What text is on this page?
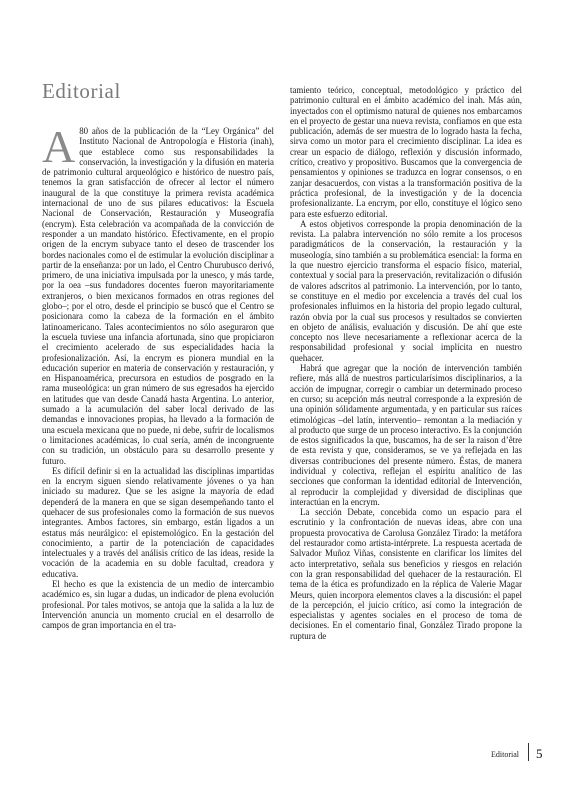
Editorial

A 80 años de la publicación de la “Ley Orgánica” del Instituto Nacional de Antropología e Historia (inah), que establece como sus responsabilidades la conservación, la investigación y la difusión en materia de patrimonio cultural arqueológico e histórico de nuestro país, tenemos la gran satisfacción de ofrecer al lector el número inaugural de la que constituye la primera revista académica internacional de uno de sus pilares educativos: la Escuela Nacional de Conservación, Restauración y Museografía (encrym). Esta celebración va acompañada de la convicción de responder a un mandato histórico. Efectivamente, en el propio origen de la encrym subyace tanto el deseo de trascender los bordes nacionales como el de estimular la evolución disciplinar a partir de la enseñanza: por un lado, el Centro Churubusco derivó, primero, de una iniciativa impulsada por la unesco, y más tarde, por la oea –sus fundadores docentes fueron mayoritariamente extranjeros, o bien mexicanos formados en otras regiones del globo–; por el otro, desde el principio se buscó que el Centro se posicionara como la cabeza de la formación en el ámbito latinoamericano. Tales acontecimientos no sólo aseguraron que la escuela tuviese una infancia afortunada, sino que propiciaron el crecimiento acelerado de sus especialidades hacia la profesionalización. Así, la encrym es pionera mundial en la educación superior en materia de conservación y restauración, y en Hispanoamérica, precursora en estudios de posgrado en la rama museológica: un gran número de sus egresados ha ejercido en latitudes que van desde Canadá hasta Argentina. Lo anterior, sumado a la acumulación del saber local derivado de las demandas e innovaciones propias, ha llevado a la formación de una escuela mexicana que no puede, ni debe, sufrir de localismos o limitaciones académicas, lo cual sería, amén de incongruente con su tradición, un obstáculo para su desarrollo presente y futuro.

Es difícil definir si en la actualidad las disciplinas impartidas en la encrym siguen siendo relativamente jóvenes o ya han iniciado su madurez. Que se les asigne la mayoría de edad dependerá de la manera en que se sigan desempeñando tanto el quehacer de sus profesionales como la formación de sus nuevos integrantes. Ambos factores, sin embargo, están ligados a un estatus más neurálgico: el epistemológico. En la gestación del conocimiento, a partir de la potenciación de capacidades intelectuales y a través del análisis crítico de las ideas, reside la vocación de la academia en su doble facultad, creadora y educativa.

El hecho es que la existencia de un medio de intercambio académico es, sin lugar a dudas, un indicador de plena evolución profesional. Por tales motivos, se antoja que la salida a la luz de Intervención anuncia un momento crucial en el desarrollo de campos de gran importancia en el tra-

tamiento teórico, conceptual, metodológico y práctico del patrimonio cultural en el ámbito académico del inah. Más aún, inyectados con el optimismo natural de quienes nos embarcamos en el proyecto de gestar una nueva revista, confiamos en que esta publicación, además de ser muestra de lo logrado hasta la fecha, sirva como un motor para el crecimiento disciplinar. La idea es crear un espacio de diálogo, reflexión y discusión informado, crítico, creativo y propositivo. Buscamos que la convergencia de pensamientos y opiniones se traduzca en lograr consensos, o en zanjar desacuerdos, con vistas a la transformación positiva de la práctica profesional, de la investigación y de la docencia profesionalizante. La encrym, por ello, constituye el lógico seno para este esfuerzo editorial.

A estos objetivos corresponde la propia denominación de la revista. La palabra intervención no sólo remite a los procesos paradigmáticos de la conservación, la restauración y la museología, sino también a su problemática esencial: la forma en la que nuestro ejercicio transforma el espacio físico, material, contextual y social para la preservación, revitalización o difusión de valores adscritos al patrimonio. La intervención, por lo tanto, se constituye en el medio por excelencia a través del cual los profesionales influimos en la historia del propio legado cultural, razón obvia por la cual sus procesos y resultados se convierten en objeto de análisis, evaluación y discusión. De ahí que este concepto nos lleve necesariamente a reflexionar acerca de la responsabilidad profesional y social implícita en nuestro quehacer.

Habrá que agregar que la noción de intervención también refiere, más allá de nuestros particularísimos disciplinarios, a la acción de impugnar, corregir o cambiar un determinado proceso en curso; su acepción más neutral corresponde a la expresión de una opinión sólidamente argumentada, y en particular sus raíces etimológicas –del latín, interventio– remontan a la mediación y al producto que surge de un proceso interactivo. Es la conjunción de estos significados la que, buscamos, ha de ser la raison d’être de esta revista y que, consideramos, se ve ya reflejada en las diversas contribuciones del presente número. Éstas, de manera individual y colectiva, reflejan el espíritu analítico de las secciones que conforman la identidad editorial de Intervención, al reproducir la complejidad y diversidad de disciplinas que interactúan en la encrym.

La sección Debate, concebida como un espacio para el escrutinio y la confrontación de nuevas ideas, abre con una propuesta provocativa de Carolusa González Tirado: la metáfora del restaurador como artista-intérprete. La respuesta acertada de Salvador Muñoz Viñas, consistente en clarificar los límites del acto interpretativo, señala sus beneficios y riesgos en relación con la gran responsabilidad del quehacer de la restauración. El tema de la ética es profundizado en la réplica de Valerie Magar Meurs, quien incorpora elementos claves a la discusión: el papel de la percepción, el juicio crítico, así como la integración de especialistas y agentes sociales en el proceso de toma de decisiones. En el comentario final, González Tirado propone la ruptura de

Editorial 5
